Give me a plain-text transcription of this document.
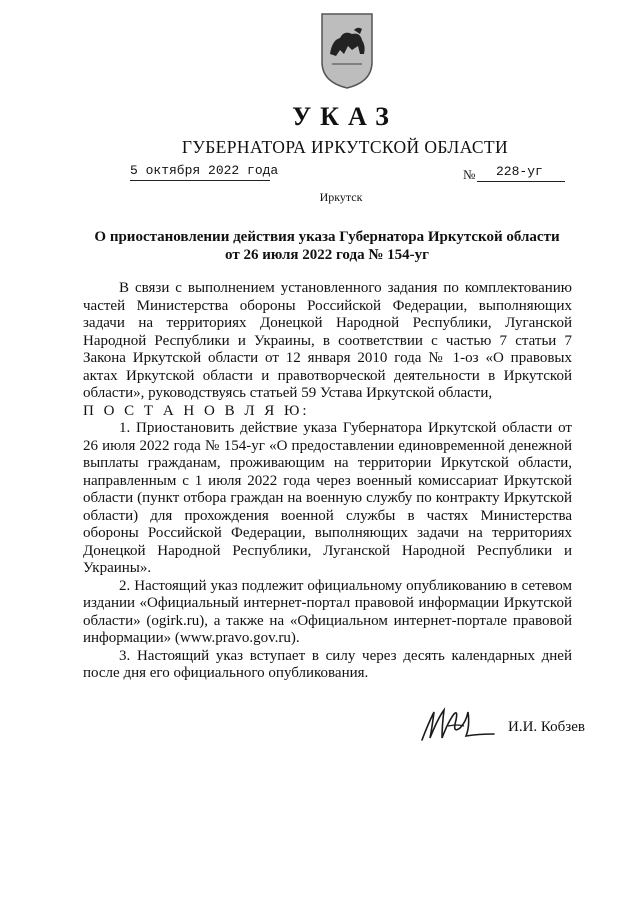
УКАЗ
ГУБЕРНАТОРА ИРКУТСКОЙ ОБЛАСТИ
5 октября 2022 года	№ 228-уг
Иркутск
О приостановлении действия указа Губернатора Иркутской области
от 26 июля 2022 года № 154-уг

В связи с выполнением установленного задания по комплектованию частей Министерства обороны Российской Федерации, выполняющих задачи на территориях Донецкой Народной Республики, Луганской Народной Республики и Украины, в соответствии с частью 7 статьи 7 Закона Иркутской области от 12 января 2010 года № 1-оз «О правовых актах Иркутской области и правотворческой деятельности в Иркутской области», руководствуясь статьей 59 Устава Иркутской области,

П О С Т А Н О В Л Я Ю:

1. Приостановить действие указа Губернатора Иркутской области от 26 июля 2022 года № 154-уг «О предоставлении единовременной денежной выплаты гражданам, проживающим на территории Иркутской области, направленным с 1 июля 2022 года через военный комиссариат Иркутской области (пункт отбора граждан на военную службу по контракту Иркутской области) для прохождения военной службы в частях Министерства обороны Российской Федерации, выполняющих задачи на территориях Донецкой Народной Республики, Луганской Народной Республики и Украины».

2. Настоящий указ подлежит официальному опубликованию в сетевом издании «Официальный интернет-портал правовой информации Иркутской области» (ogirk.ru), а также на «Официальном интернет-портале правовой информации» (www.pravo.gov.ru).

3. Настоящий указ вступает в силу через десять календарных дней после дня его официального опубликования.

И.И. Кобзев
